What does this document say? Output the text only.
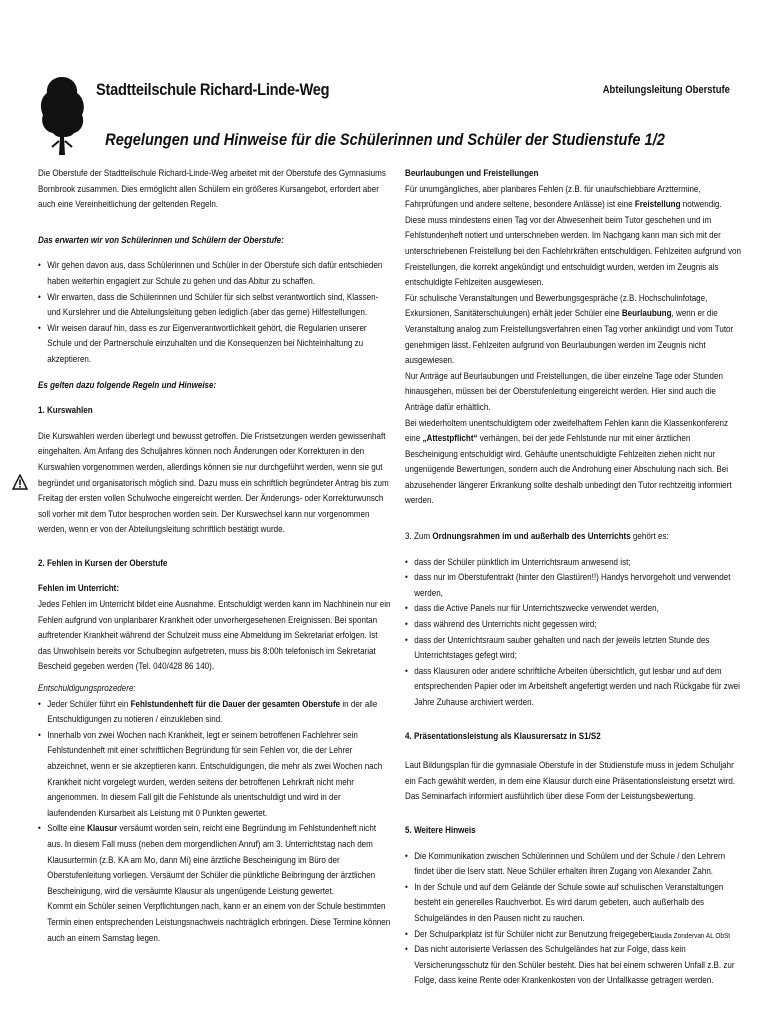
Stadtteilschule Richard-Linde-Weg	Abteilungsleitung Oberstufe
Regelungen und Hinweise für die Schülerinnen und Schüler der Studienstufe 1/2

Die Oberstufe der Stadtteilschule Richard-Linde-Weg arbeitet mit der Oberstufe des Gymnasiums Bornbrook zusammen. Dies ermöglicht allen Schülern ein größeres Kursangebot, erfordert aber auch eine Vereinheitlichung der geltenden Regeln.

Das erwarten wir von Schülerinnen und Schülern der Oberstufe:

• Wir gehen davon aus, dass Schülerinnen und Schüler in der Oberstufe sich dafür entschieden haben weiterhin engagiert zur Schule zu gehen und das Abitur zu schaffen.
• Wir erwarten, dass die Schülerinnen und Schüler für sich selbst verantwortlich sind, Klassen- und Kurslehrer und die Abteilungsleitung geben lediglich (aber das gerne) Hilfestellungen.
• Wir weisen darauf hin, dass es zur Eigenverantwortlichkeit gehört, die Regularien unserer Schule und der Partnerschule einzuhalten und die Konsequenzen bei Nichteinhaltung zu akzeptieren.

Es gelten dazu folgende Regeln und Hinweise:

1. Kurswahlen

Die Kurswahlen werden überlegt und bewusst getroffen. Die Fristsetzungen werden gewissenhaft eingehalten. Am Anfang des Schuljahres können noch Änderungen oder Korrekturen in den Kurswahlen vorgenommen werden, allerdings können sie nur durchgeführt werden, wenn sie gut begründet und organisatorisch möglich sind. Dazu muss ein schriftlich begründeter Antrag bis zum Freitag der ersten vollen Schulwoche eingereicht werden. Der Änderungs- oder Korrekturwunsch soll vorher mit dem Tutor besprochen worden sein. Der Kurswechsel kann nur vorgenommen werden, wenn er von der Abteilungsleitung schriftlich bestätigt wurde.

2. Fehlen in Kursen der Oberstufe

Fehlen im Unterricht:

Jedes Fehlen im Unterricht bildet eine Ausnahme. Entschuldigt werden kann im Nachhinein nur ein Fehlen aufgrund von unplanbarer Krankheit oder unvorhergesehenen Ereignissen. Bei spontan auftretender Krankheit während der Schulzeit muss eine Abmeldung im Sekretariat erfolgen. Ist das Unwohlsein bereits vor Schulbeginn aufgetreten, muss bis 8:00h telefonisch im Sekretariat Bescheid gegeben werden (Tel. 040/428 86 140).

Entschuldigungsprozedere:

• Jeder Schüler führt ein Fehlstundenheft für die Dauer der gesamten Oberstufe in der alle Entschuldigungen zu notieren / einzukleben sind.
• Innerhalb von zwei Wochen nach Krankheit, legt er seinem betroffenen Fachlehrer sein Fehlstundenheft mit einer schriftlichen Begründung für sein Fehlen vor, die der Lehrer abzeichnet, wenn er sie akzeptieren kann. Entschuldigungen, die mehr als zwei Wochen nach Krankheit nicht vorgelegt wurden, werden seitens der betroffenen Lehrkraft nicht mehr angenommen. In diesem Fall gilt die Fehlstunde als unentschuldigt und wird in der laufendenden Kursarbeit als Leistung mit 0 Punkten gewertet.
• Sollte eine Klausur versäumt worden sein, reicht eine Begründung im Fehlstundenheft nicht aus. In diesem Fall muss (neben dem morgendlichen Anruf) am 3. Unterrichtstag nach dem Klausurtermin (z.B. KA am Mo, dann Mi) eine ärztliche Bescheinigung im Büro der Oberstufenleitung vorliegen. Versäumt der Schüler die pünktliche Beibringung der ärztlichen Bescheinigung, wird die versäumte Klausur als ungenügende Leistung gewertet.
Kommt ein Schüler seinen Verpflichtungen nach, kann er an einem von der Schule bestimmten Termin einen entsprechenden Leistungsnachweis nachträglich erbringen. Diese Termine können auch an einem Samstag liegen.

Beurlaubungen und Freistellungen

Für unumgängliches, aber planbares Fehlen (z.B. für unaufschiebbare Arzttermine, Fahrprüfungen und andere seltene, besondere Anlässe) ist eine Freistellung notwendig. Diese muss mindestens einen Tag vor der Abwesenheit beim Tutor geschehen und im Fehlstundenheft notiert und unterschrieben werden. Im Nachgang kann man sich mit der unterschriebenen Freistellung bei den Fachlehrkräften entschuldigen. Fehlzeiten aufgrund von Freistellungen, die korrekt angekündigt und entschuldigt wurden, werden im Zeugnis als entschuldigte Fehlzeiten ausgewiesen.

Für schulische Veranstaltungen und Bewerbungsgespräche (z.B. Hochschulinfotage, Exkursionen, Sanitäterschulungen) erhält jeder Schüler eine Beurlaubung, wenn er die Veranstaltung analog zum Freistellungsverfahren einen Tag vorher ankündigt und vom Tutor genehmigen lässt. Fehlzeiten aufgrund von Beurlaubungen werden im Zeugnis nicht ausgewiesen.

Nur Anträge auf Beurlaubungen und Freistellungen, die über einzelne Tage oder Stunden hinausgehen, müssen bei der Oberstufenleitung eingereicht werden. Hier sind auch die Anträge dafür erhältlich.

Bei wiederholtem unentschuldigtem oder zweifelhaftem Fehlen kann die Klassenkonferenz eine „Attestpflicht“ verhängen, bei der jede Fehlstunde nur mit einer ärztlichen Bescheinigung entschuldigt wird. Gehäufte unentschuldigte Fehlzeiten ziehen nicht nur ungenügende Bewertungen, sondern auch die Androhung einer Abschulung nach sich. Bei abzusehender längerer Erkrankung sollte deshalb unbedingt den Tutor rechtzeitig informiert werden.

3. Zum Ordnungsrahmen im und außerhalb des Unterrichts gehört es:

• dass der Schüler pünktlich im Unterrichtsraum anwesend ist;
• dass nur im Oberstufentrakt (hinter den Glastüren!!) Handys hervorgeholt und verwendet werden,
• dass die Active Panels nur für Unterrichtszwecke verwendet werden,
• dass während des Unterrichts nicht gegessen wird;
• dass der Unterrichtsraum sauber gehalten und nach der jeweils letzten Stunde des Unterrichtstages gefegt wird;
• dass Klausuren oder andere schriftliche Arbeiten übersichtlich, gut lesbar und auf dem entsprechenden Papier oder im Arbeitsheft angefertigt werden und nach Rückgabe für zwei Jahre Zuhause archiviert werden.

4. Präsentationsleistung als Klausurersatz in S1/S2

Laut Bildungsplan für die gymnasiale Oberstufe in der Studienstufe muss in jedem Schuljahr ein Fach gewählt werden, in dem eine Klausur durch eine Präsentationsleistung ersetzt wird. Das Seminarfach informiert ausführlich über diese Form der Leistungsbewertung.

5. Weitere Hinweis

• Die Kommunikation zwischen Schülerinnen und Schülern und der Schule / den Lehrern findet über die Iserv statt. Neue Schüler erhalten ihren Zugang von Alexander Zahn.
• In der Schule und auf dem Gelände der Schule sowie auf schulischen Veranstaltungen besteht ein generelles Rauchverbot. Es wird darum gebeten, auch außerhalb des Schulgeländes in den Pausen nicht zu rauchen.
• Der Schulparkplatz ist für Schüler nicht zur Benutzung freigegeben.
• Das nicht autorisierte Verlassen des Schulgeländes hat zur Folge, dass kein Versicherungsschutz für den Schüler besteht. Dies hat bei einem schweren Unfall z.B. zur Folge, dass keine Rente oder Krankenkosten von der Unfallkasse getragen werden.
Claudia Zondervan AL ObSt
